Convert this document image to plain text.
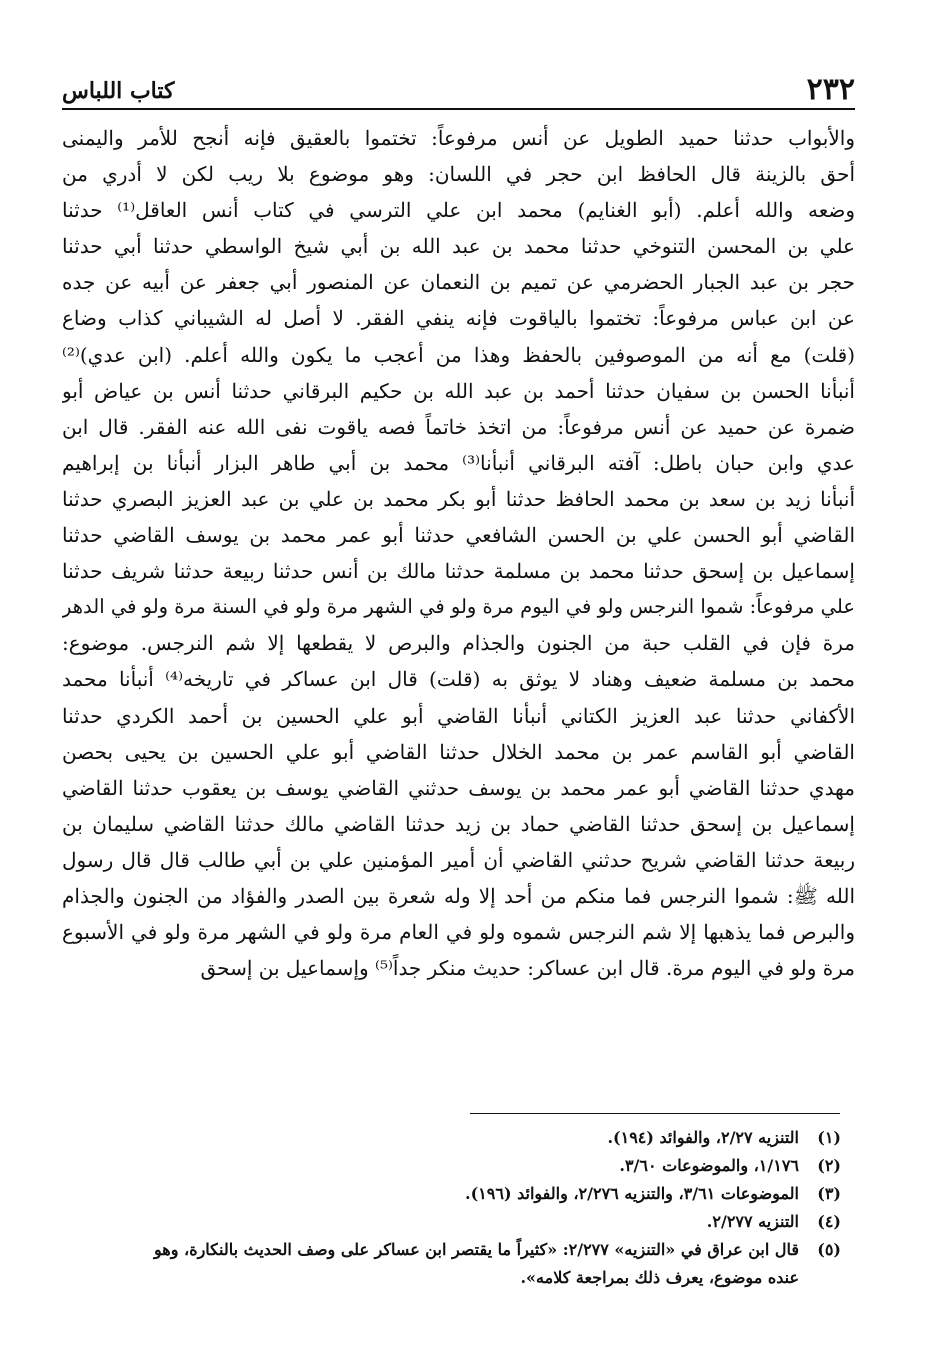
٢٣٢
كتاب اللباس
والأبواب حدثنا حميد الطويل عن أنس مرفوعاً: تختموا بالعقيق فإنه أنجح للأمر واليمنى
أحق بالزينة قال الحافظ ابن حجر في اللسان: وهو موضوع بلا ريب لكن لا أدري من
وضعه والله أعلم. (أبو الغنايم) محمد ابن علي الترسي في كتاب أنس العاقل⁽¹⁾ حدثنا
علي بن المحسن التنوخي حدثنا محمد بن عبد الله بن أبي شيخ الواسطي حدثنا أبي حدثنا
حجر بن عبد الجبار الحضرمي عن تميم بن النعمان عن المنصور أبي جعفر عن أبيه عن جده
عن ابن عباس مرفوعاً: تختموا بالياقوت فإنه ينفي الفقر. لا أصل له الشيباني كذاب وضاع
(قلت) مع أنه من الموصوفين بالحفظ وهذا من أعجب ما يكون والله أعلم. (ابن عدي)⁽²⁾
أنبأنا الحسن بن سفيان حدثنا أحمد بن عبد الله بن حكيم البرقاني حدثنا أنس بن عياض أبو
ضمرة عن حميد عن أنس مرفوعاً: من اتخذ خاتماً فصه ياقوت نفى الله عنه الفقر. قال ابن
عدي وابن حبان باطل: آفته البرقاني أنبأنا⁽³⁾ محمد بن أبي طاهر البزار أنبأنا بن إبراهيم
أنبأنا زيد بن سعد بن محمد الحافظ حدثنا أبو بكر محمد بن علي بن عبد العزيز البصري حدثنا
القاضي أبو الحسن علي بن الحسن الشافعي حدثنا أبو عمر محمد بن يوسف القاضي حدثنا
إسماعيل بن إسحق حدثنا محمد بن مسلمة حدثنا مالك بن أنس حدثنا ربيعة حدثنا شريف حدثنا
علي مرفوعاً: شموا النرجس ولو في اليوم مرة ولو في الشهر مرة ولو في السنة مرة ولو في الدهر
مرة فإن في القلب حبة من الجنون والجذام والبرص لا يقطعها إلا شم النرجس. موضوع:
محمد بن مسلمة ضعيف وهناد لا يوثق به (قلت) قال ابن عساكر في تاريخه⁽⁴⁾ أنبأنا محمد
الأكفاني حدثنا عبد العزيز الكتاني أنبأنا القاضي أبو علي الحسين بن أحمد الكردي حدثنا
القاضي أبو القاسم عمر بن محمد الخلال حدثنا القاضي أبو علي الحسين بن يحيى بحصن
مهدي حدثنا القاضي أبو عمر محمد بن يوسف حدثني القاضي يوسف بن يعقوب حدثنا القاضي
إسماعيل بن إسحق حدثنا القاضي حماد بن زيد حدثنا القاضي مالك حدثنا القاضي سليمان بن
ربيعة حدثنا القاضي شريح حدثني القاضي أن أمير المؤمنين علي بن أبي طالب قال قال رسول
الله ﷺ: شموا النرجس فما منكم من أحد إلا وله شعرة بين الصدر والفؤاد من الجنون والجذام
والبرص فما يذهبها إلا شم النرجس شموه ولو في العام مرة ولو في الشهر مرة ولو في الأسبوع
مرة ولو في اليوم مرة. قال ابن عساكر: حديث منكر جداً⁽⁵⁾ وإسماعيل بن إسحق
(١)
التنزيه ٢/٢٧، والفوائد (١٩٤).
(٢)
١/١٧٦، والموضوعات ٣/٦٠.
(٣)
الموضوعات ٣/٦١، والتنزيه ٢/٢٧٦، والفوائد (١٩٦).
(٤)
التنزيه ٢/٢٧٧.
(٥)
قال ابن عراق في «التنزيه» ٢/٢٧٧: «كثيراً ما يقتصر ابن عساكر على وصف الحديث بالنكارة، وهو
عنده موضوع، يعرف ذلك بمراجعة كلامه».
